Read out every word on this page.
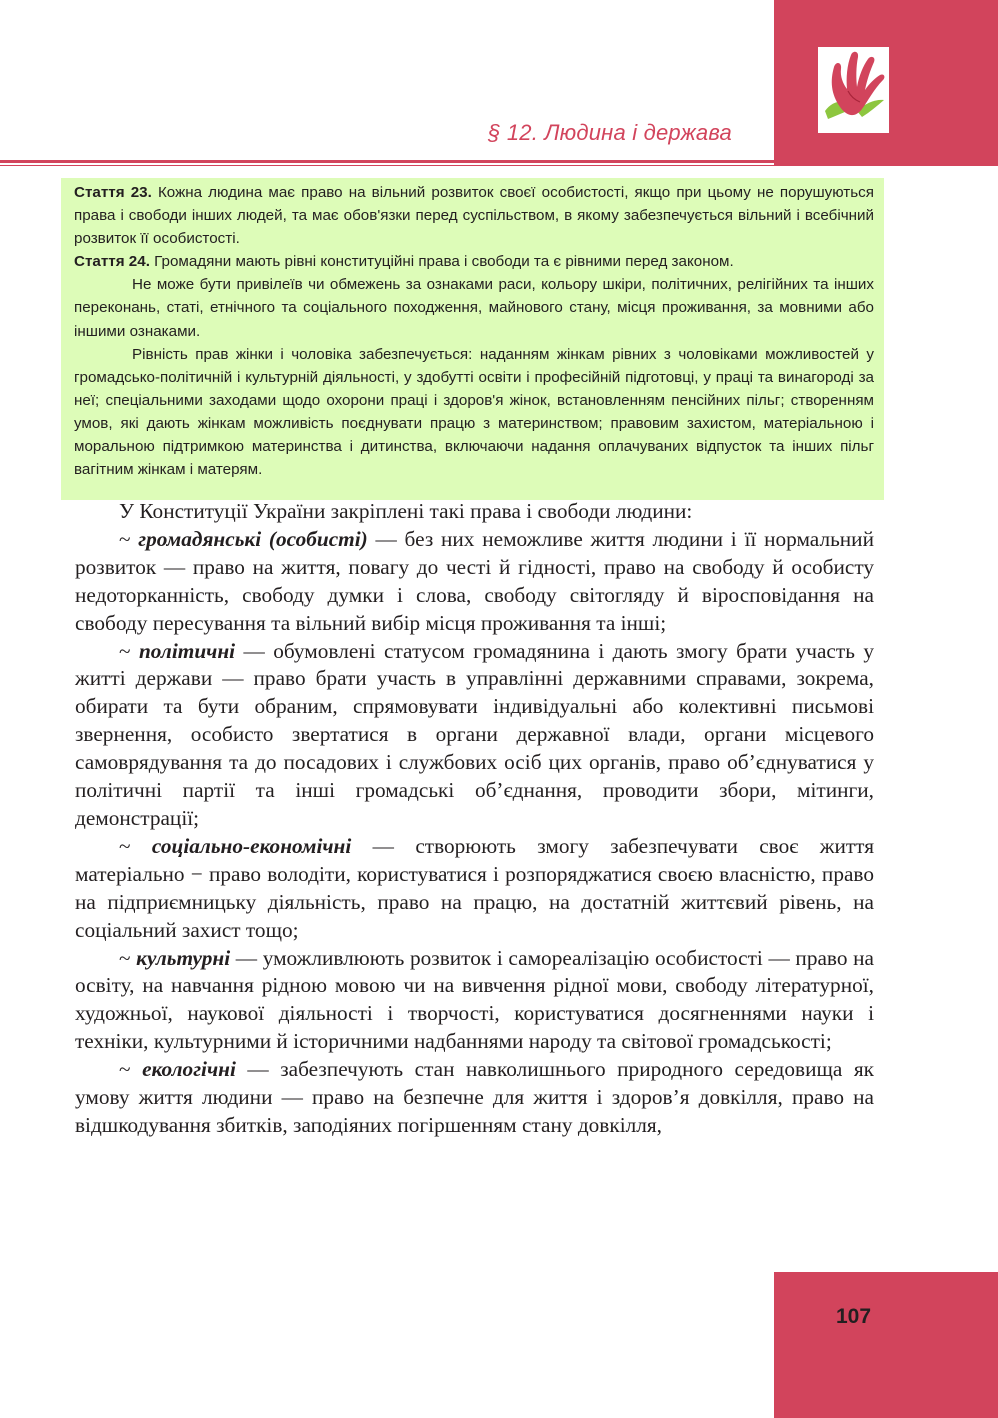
§ 12. Людина і держава

Стаття 23. Кожна людина має право на вільний розвиток своєї особистості, якщо при цьому не порушуються права і свободи інших людей, та має обов'язки перед суспільством, в якому забезпечується вільний і всебічний розвиток її особистості.

Стаття 24. Громадяни мають рівні конституційні права і свободи та є рівними перед законом.

Не може бути привілеїв чи обмежень за ознаками раси, кольору шкіри, політичних, релігійних та інших переконань, статі, етнічного та соціального походження, майнового стану, місця проживання, за мовними або іншими ознаками.

Рівність прав жінки і чоловіка забезпечується: наданням жінкам рівних з чоловіками можливостей у громадсько-політичній і культурній діяльності, у здобутті освіти і професійній підготовці, у праці та винагороді за неї; спеціальними заходами щодо охорони праці і здоров'я жінок, встановленням пенсійних пільг; створенням умов, які дають жінкам можливість поєднувати працю з материнством; правовим захистом, матеріальною і моральною підтримкою материнства і дитинства, включаючи надання оплачуваних відпусток та інших пільг вагітним жінкам і матерям.

У Конституції України закріплені такі права і свободи людини:

~ громадянські (особисті) — без них неможливе життя людини і її нормальний розвиток — право на життя, повагу до честі й гідності, право на свободу й особисту недоторканність, свободу думки і слова, свободу світогляду й віросповідання на свободу пересування та вільний вибір місця проживання та інші;

~ політичні — обумовлені статусом громадянина і дають змогу брати участь у житті держави — право брати участь в управлінні державними справами, зокрема, обирати та бути обраним, спрямовувати індивідуальні або колективні письмові звернення, особисто звертатися в органи державної влади, органи місцевого самоврядування та до посадових і службових осіб цих органів, право об’єднуватися у політичні партії та інші громадські об’єднання, проводити збори, мітинги, демонстрації;

~ соціально-економічні — створюють змогу забезпечувати своє життя матеріально − право володіти, користуватися і розпоряджатися своєю власністю, право на підприємницьку діяльність, право на працю, на достатній життєвий рівень, на соціальний захист тощо;

~ культурні — уможливлюють розвиток і самореалізацію особистості — право на освіту, на навчання рідною мовою чи на вивчення рідної мови, свободу літературної, художньої, наукової діяльності і творчості, користуватися досягненнями науки і техніки, культурними й історичними надбаннями народу та світової громадськості;

~ екологічні — забезпечують стан навколишнього природного середовища як умову життя людини — право на безпечне для життя і здоров’я довкілля, право на відшкодування збитків, заподіяних погіршенням стану довкілля,

107
